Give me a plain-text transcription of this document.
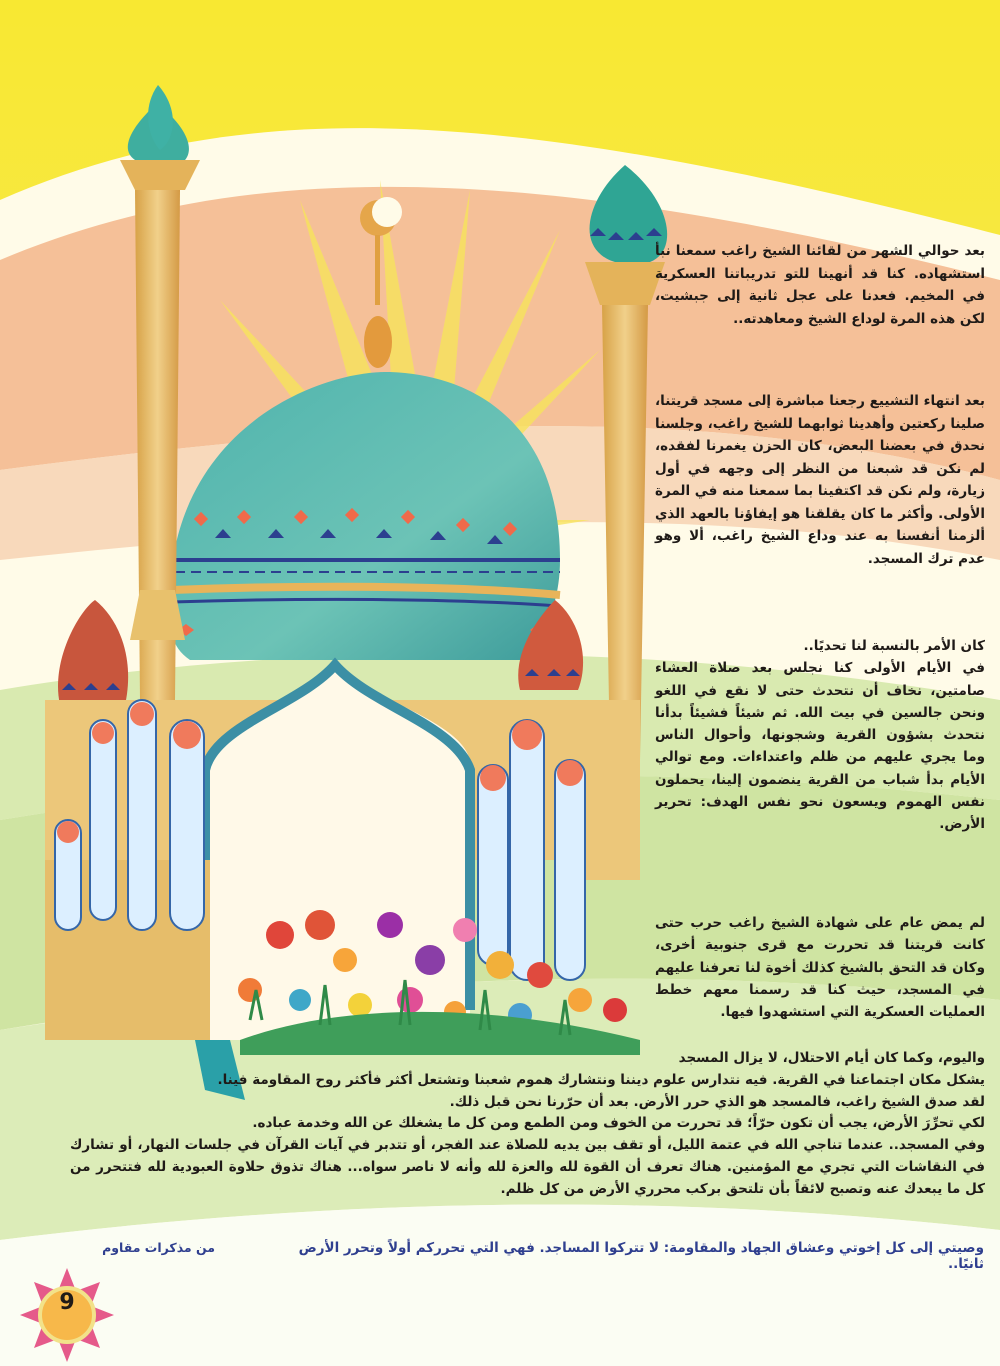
بعد حوالي الشهر من لقائنا الشيخ راغب سمعنا نبأ استشهاده. كنا قد أنهينا للتو تدريباتنا العسكرية في المخيم. فعدنا على عجل ثانية إلى جبشيت، لكن هذه المرة لوداع الشيخ ومعاهدته..

بعد انتهاء التشييع رجعنا مباشرة إلى مسجد قريتنا، صلينا ركعتين وأهدينا ثوابهما للشيخ راغب، وجلسنا نحدق في بعضنا البعض، كان الحزن يغمرنا لفقده، لم نكن قد شبعنا من النظر إلى وجهه في أول زيارة، ولم نكن قد اكتفينا بما سمعنا منه في المرة الأولى. وأكثر ما كان يقلقنا هو إيفاؤنا بالعهد الذي ألزمنا أنفسنا به عند وداع الشيخ راغب، ألا وهو عدم ترك المسجد.

كان الأمر بالنسبة لنا تحديًا..

في الأيام الأولى كنا نجلس بعد صلاة العشاء صامتين، نخاف أن نتحدث حتى لا نقع في اللغو ونحن جالسين في بيت الله. ثم شيئاً فشيئاً بدأنا نتحدث بشؤون القرية وشجونها، وأحوال الناس وما يجري عليهم من ظلم واعتداءات. ومع توالي الأيام بدأ شباب من القرية ينضمون إلينا، يحملون نفس الهموم ويسعون نحو نفس الهدف: تحرير الأرض.

لم يمض عام على شهادة الشيخ راغب حرب حتى كانت قريتنا قد تحررت مع قرى جنوبية أخرى، وكان قد التحق بالشيخ كذلك أخوة لنا تعرفنا عليهم في المسجد، حيث كنا قد رسمنا معهم خطط العمليات العسكرية التي استشهدوا فيها.

واليوم، وكما كان أيام الاحتلال، لا يزال المسجد

يشكل مكان اجتماعنا في القرية. فيه نتدارس علوم ديننا ونتشارك هموم شعبنا وتشتعل أكثر فأكثر روح المقاومة فينا.

لقد صدق الشيخ راغب، فالمسجد هو الذي حرر الأرض. بعد أن حرّرنا نحن قبل ذلك.

لكي تحرِّرَ الأرض، يجب أن تكون حرّاً؛ قد تحررت من الخوف ومن الطمع ومن كل ما يشغلك عن الله وخدمة عباده.

وفي المسجد.. عندما تناجي الله في عتمة الليل، أو تقف بين يديه للصلاة عند الفجر، أو تتدبر في آيات القرآن في جلسات النهار، أو تشارك في النقاشات التي تجري مع المؤمنين. هناك تعرف أن القوة لله والعزة لله وأنه لا ناصر سواه... هناك تذوق حلاوة العبودية لله فتتحرر من كل ما يبعدك عنه وتصبح لائقاً بأن تلتحق بركب محرري الأرض من كل ظلم.

وصيتي إلى كل إخوتي وعشاق الجهاد والمقاومة: لا تتركوا المساجد. فهي التي تحرركم أولاً وتحرر الأرض ثانيًا..
من مذكرات مقاوم
9
